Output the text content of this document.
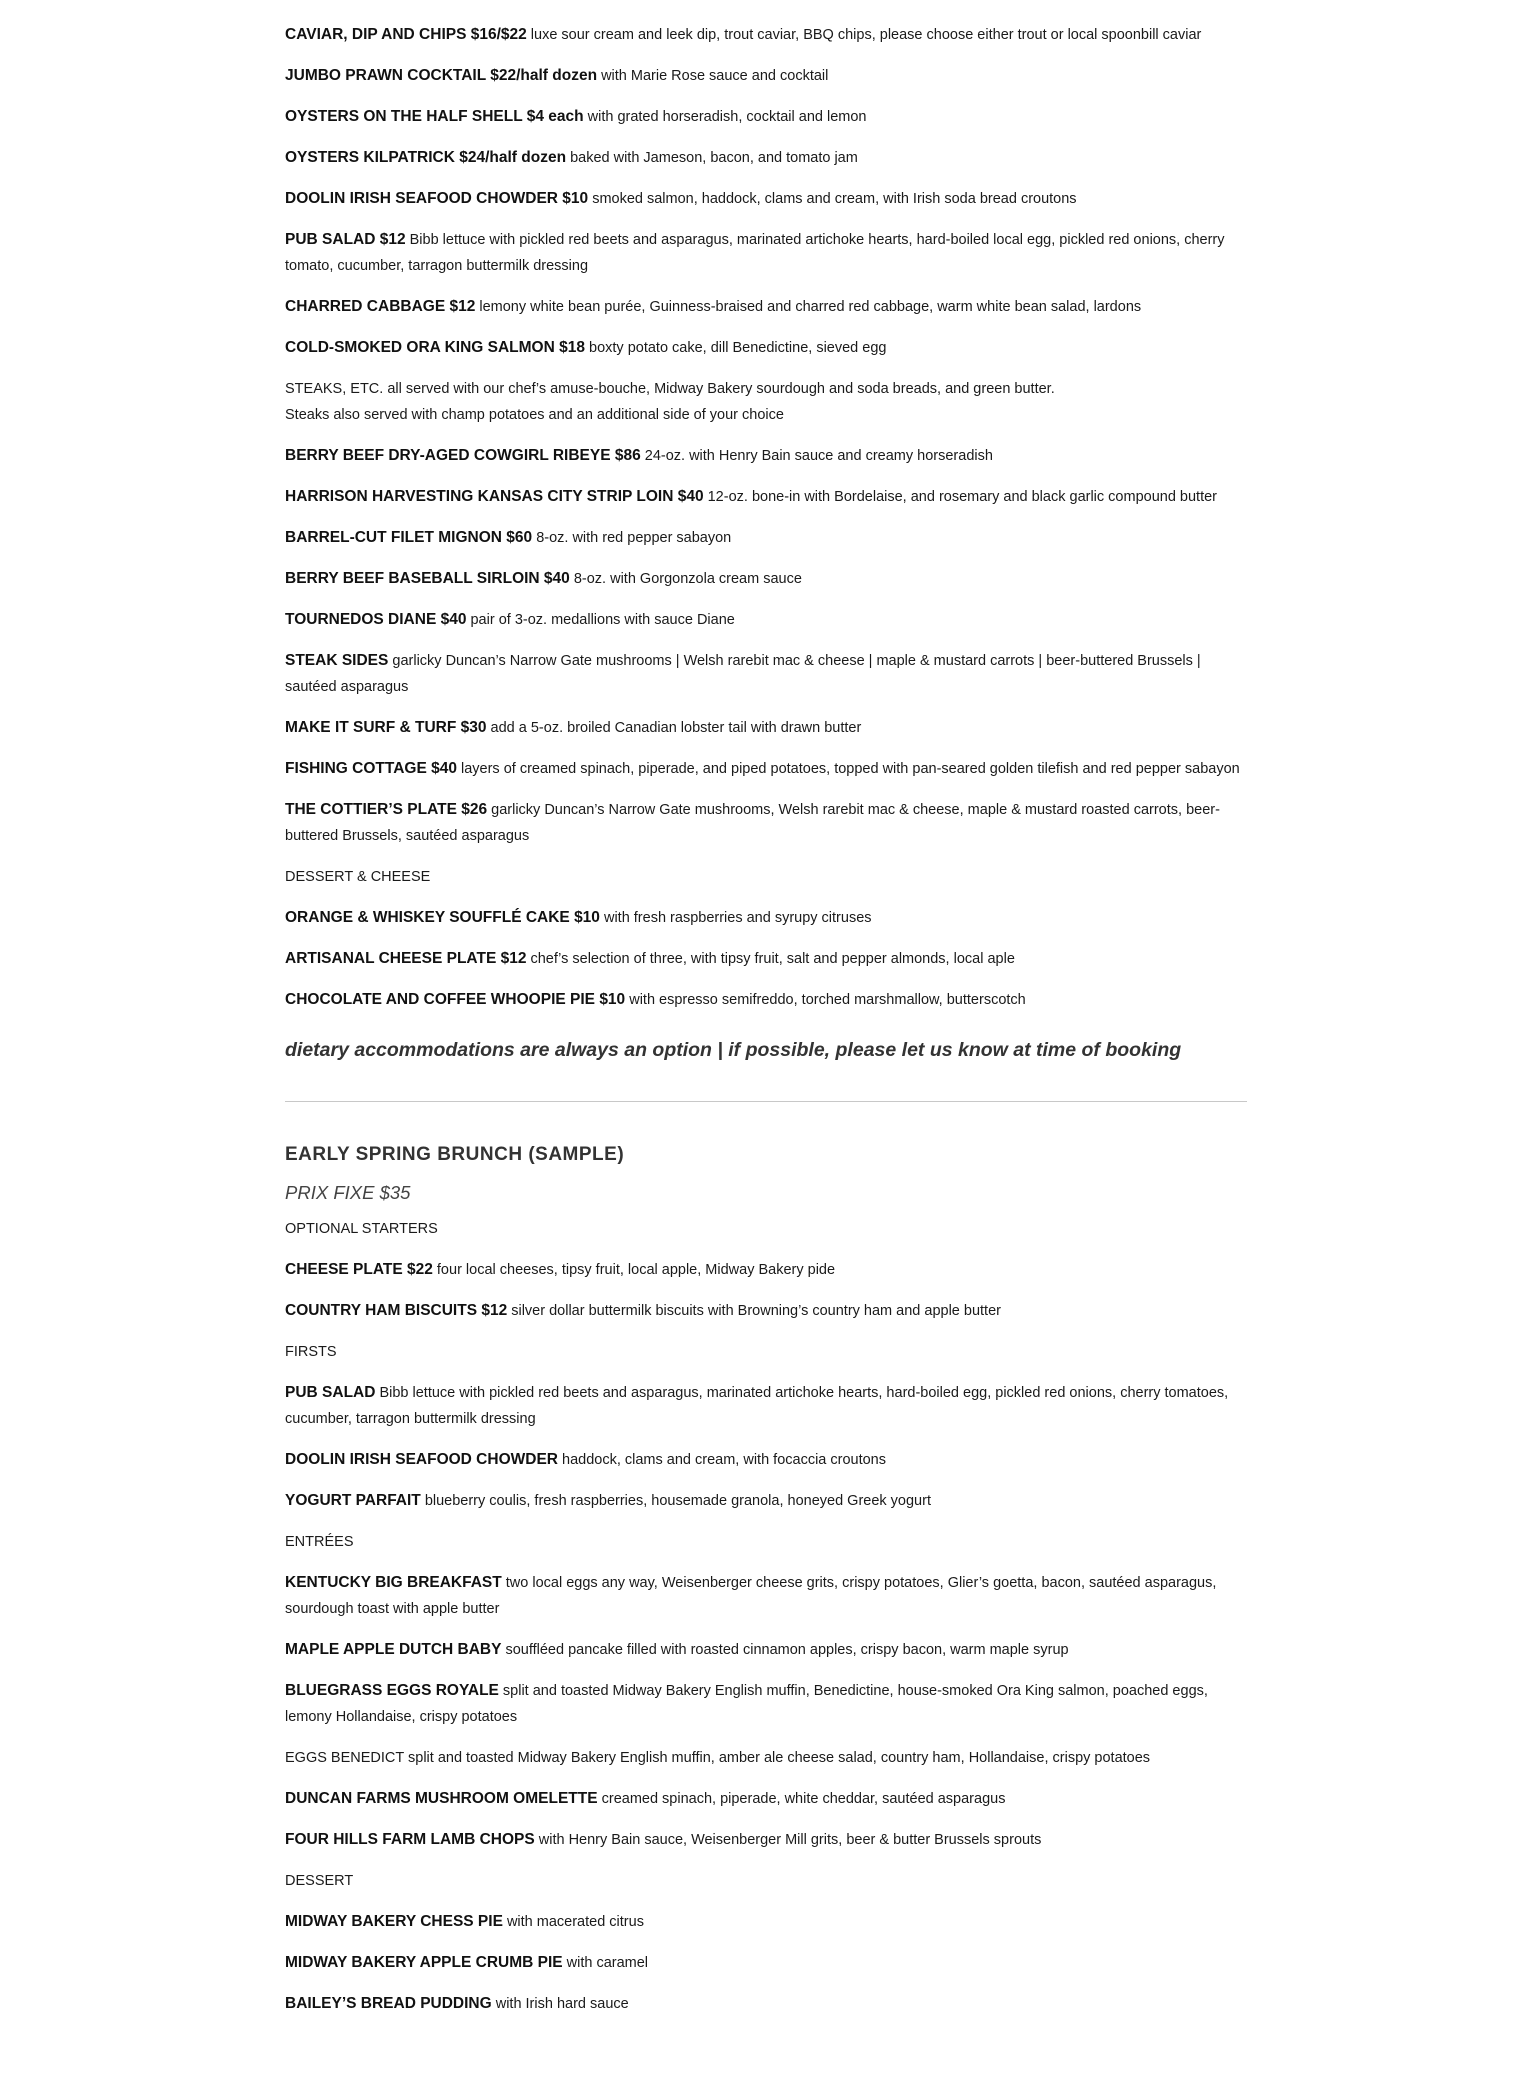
CAVIAR, DIP AND CHIPS $16/$22 luxe sour cream and leek dip, trout caviar, BBQ chips, please choose either trout or local spoonbill caviar
JUMBO PRAWN COCKTAIL $22/half dozen with Marie Rose sauce and cocktail
OYSTERS ON THE HALF SHELL $4 each with grated horseradish, cocktail and lemon
OYSTERS KILPATRICK $24/half dozen baked with Jameson, bacon, and tomato jam
DOOLIN IRISH SEAFOOD CHOWDER $10 smoked salmon, haddock, clams and cream, with Irish soda bread croutons
PUB SALAD $12 Bibb lettuce with pickled red beets and asparagus, marinated artichoke hearts, hard-boiled local egg, pickled red onions, cherry tomato, cucumber, tarragon buttermilk dressing
CHARRED CABBAGE $12 lemony white bean purée, Guinness-braised and charred red cabbage, warm white bean salad, lardons
COLD-SMOKED ORA KING SALMON $18 boxty potato cake, dill Benedictine, sieved egg
STEAKS, ETC. all served with our chef’s amuse-bouche, Midway Bakery sourdough and soda breads, and green butter.
Steaks also served with champ potatoes and an additional side of your choice
BERRY BEEF DRY-AGED COWGIRL RIBEYE $86 24-oz. with Henry Bain sauce and creamy horseradish
HARRISON HARVESTING KANSAS CITY STRIP LOIN $40 12-oz. bone-in with Bordelaise, and rosemary and black garlic compound butter
BARREL-CUT FILET MIGNON $60 8-oz. with red pepper sabayon
BERRY BEEF BASEBALL SIRLOIN $40 8-oz. with Gorgonzola cream sauce
TOURNEDOS DIANE $40 pair of 3-oz. medallions with sauce Diane
STEAK SIDES garlicky Duncan’s Narrow Gate mushrooms | Welsh rarebit mac & cheese | maple & mustard carrots | beer-buttered Brussels | sautéed asparagus
MAKE IT SURF & TURF $30 add a 5-oz. broiled Canadian lobster tail with drawn butter
FISHING COTTAGE $40 layers of creamed spinach, piperade, and piped potatoes, topped with pan-seared golden tilefish and red pepper sabayon
THE COTTIER’S PLATE $26 garlicky Duncan’s Narrow Gate mushrooms, Welsh rarebit mac & cheese, maple & mustard roasted carrots, beer-buttered Brussels, sautéed asparagus
DESSERT & CHEESE
ORANGE & WHISKEY SOUFFLÉ CAKE $10 with fresh raspberries and syrupy citruses
ARTISANAL CHEESE PLATE $12 chef’s selection of three, with tipsy fruit, salt and pepper almonds, local aple
CHOCOLATE AND COFFEE WHOOPIE PIE $10 with espresso semifreddo, torched marshmallow, butterscotch
dietary accommodations are always an option | if possible, please let us know at time of booking
EARLY SPRING BRUNCH (SAMPLE)
PRIX FIXE $35
OPTIONAL STARTERS
CHEESE PLATE $22 four local cheeses, tipsy fruit, local apple, Midway Bakery pide
COUNTRY HAM BISCUITS $12 silver dollar buttermilk biscuits with Browning’s country ham and apple butter
FIRSTS
PUB SALAD Bibb lettuce with pickled red beets and asparagus, marinated artichoke hearts, hard-boiled egg, pickled red onions, cherry tomatoes, cucumber, tarragon buttermilk dressing
DOOLIN IRISH SEAFOOD CHOWDER haddock, clams and cream, with focaccia croutons
YOGURT PARFAIT blueberry coulis, fresh raspberries, housemade granola, honeyed Greek yogurt
ENTRÉES
KENTUCKY BIG BREAKFAST two local eggs any way, Weisenberger cheese grits, crispy potatoes, Glier’s goetta, bacon, sautéed asparagus, sourdough toast with apple butter
MAPLE APPLE DUTCH BABY souffléed pancake filled with roasted cinnamon apples, crispy bacon, warm maple syrup
BLUEGRASS EGGS ROYALE split and toasted Midway Bakery English muffin, Benedictine, house-smoked Ora King salmon, poached eggs, lemony Hollandaise, crispy potatoes
EGGS BENEDICT split and toasted Midway Bakery English muffin, amber ale cheese salad, country ham, Hollandaise, crispy potatoes
DUNCAN FARMS MUSHROOM OMELETTE creamed spinach, piperade, white cheddar, sautéed asparagus
FOUR HILLS FARM LAMB CHOPS with Henry Bain sauce, Weisenberger Mill grits, beer & butter Brussels sprouts
DESSERT
MIDWAY BAKERY CHESS PIE with macerated citrus
MIDWAY BAKERY APPLE CRUMB PIE with caramel
BAILEY’S BREAD PUDDING with Irish hard sauce
